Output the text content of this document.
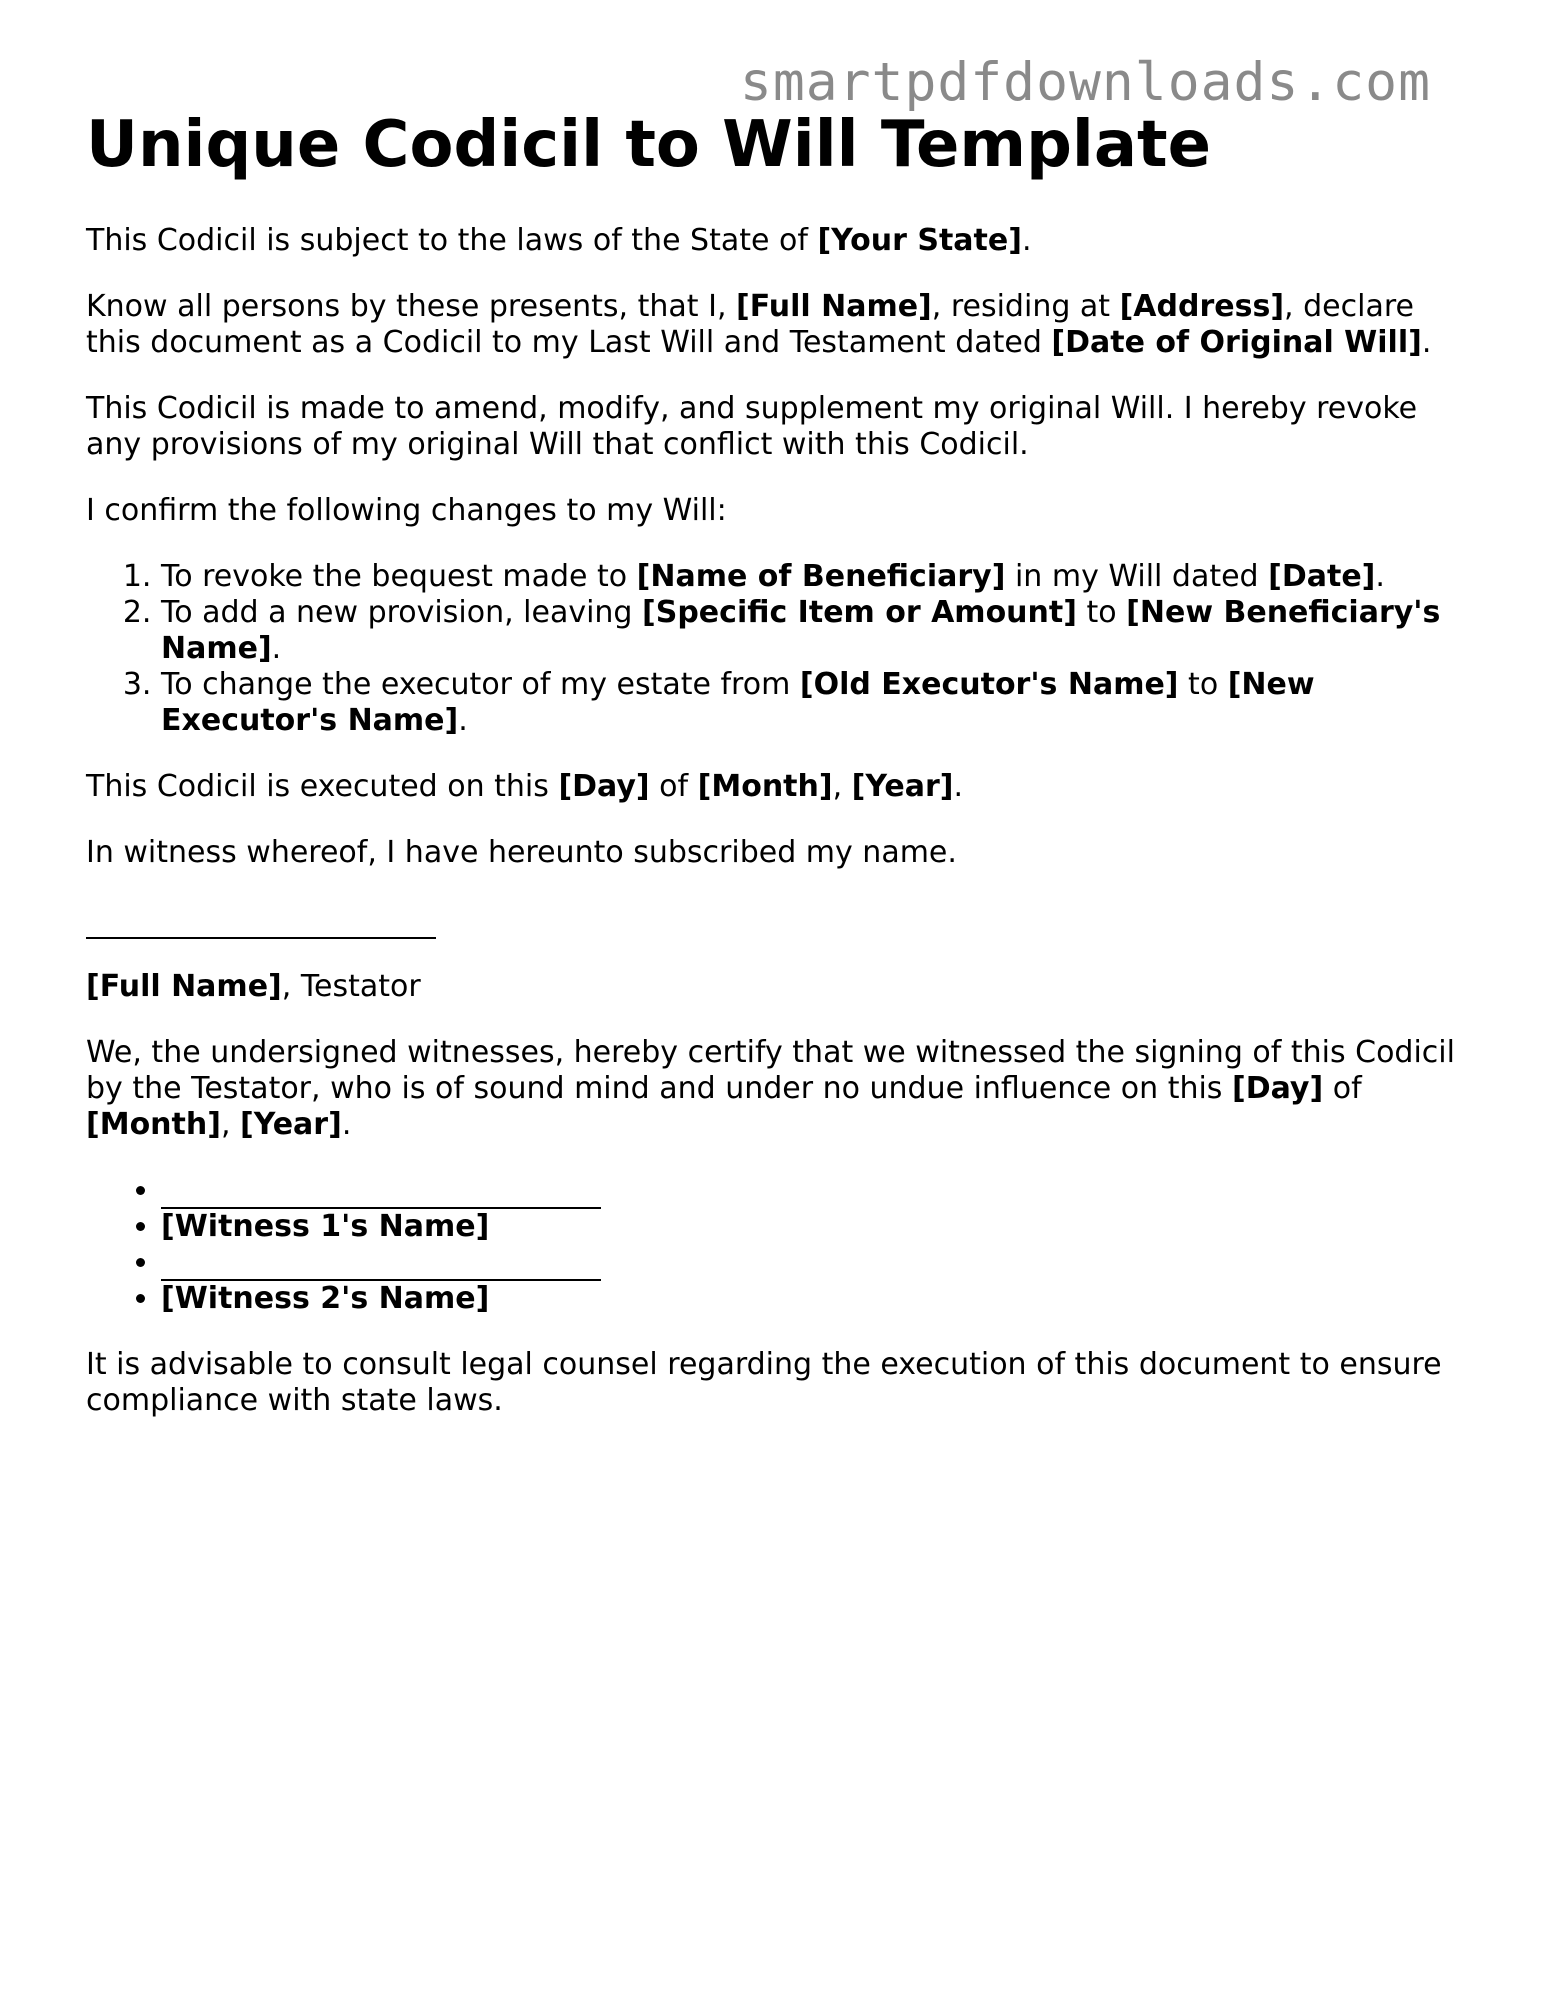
smartpdfdownloads.com
Unique Codicil to Will Template

This Codicil is subject to the laws of the State of [Your State].

Know all persons by these presents, that I, [Full Name], residing at [Address], declare this document as a Codicil to my Last Will and Testament dated [Date of Original Will].

This Codicil is made to amend, modify, and supplement my original Will. I hereby revoke any provisions of my original Will that conflict with this Codicil.

I confirm the following changes to my Will:

1. To revoke the bequest made to [Name of Beneficiary] in my Will dated [Date].
2. To add a new provision, leaving [Specific Item or Amount] to [New Beneficiary's Name].
3. To change the executor of my estate from [Old Executor's Name] to [New Executor's Name].

This Codicil is executed on this [Day] of [Month], [Year].

In witness whereof, I have hereunto subscribed my name.

[Full Name], Testator

We, the undersigned witnesses, hereby certify that we witnessed the signing of this Codicil by the Testator, who is of sound mind and under no undue influence on this [Day] of [Month], [Year].

•
• [Witness 1's Name]
•
• [Witness 2's Name]

It is advisable to consult legal counsel regarding the execution of this document to ensure compliance with state laws.
